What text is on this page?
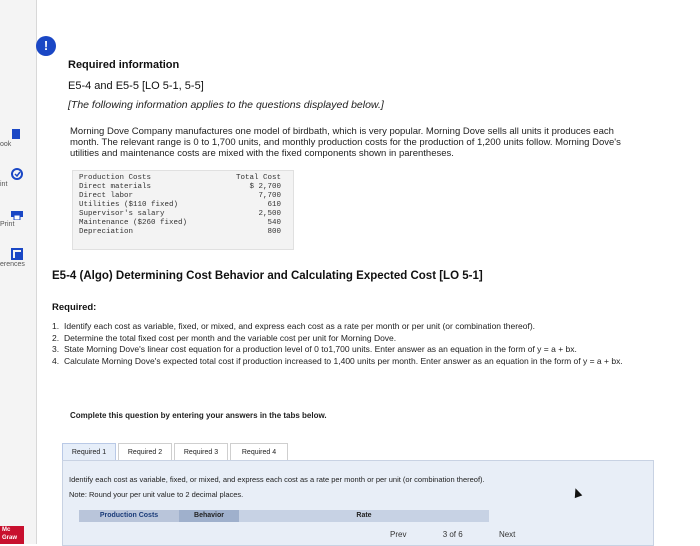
ook
int
Print
erences
Mc
Graw
!
Required information
E5-4 and E5-5 [LO 5-1, 5-5]
[The following information applies to the questions displayed below.]
Morning Dove Company manufactures one model of birdbath, which is very popular. Morning Dove sells all units it produces each month. The relevant range is 0 to 1,700 units, and monthly production costs for the production of 1,200 units follow. Morning Dove's utilities and maintenance costs are mixed with the fixed components shown in parentheses.
Production Costs	Total Cost
Direct materials	$ 2,700
Direct labor	7,700
Utilities ($110 fixed)	610
Supervisor's salary	2,500
Maintenance ($260 fixed)	540
Depreciation	800
E5-4 (Algo) Determining Cost Behavior and Calculating Expected Cost [LO 5-1]
Required:
1. Identify each cost as variable, fixed, or mixed, and express each cost as a rate per month or per unit (or combination thereof).
2. Determine the total fixed cost per month and the variable cost per unit for Morning Dove.
3. State Morning Dove's linear cost equation for a production level of 0 to1,700 units. Enter answer as an equation in the form of y = a + bx.
4. Calculate Morning Dove's expected total cost if production increased to 1,400 units per month. Enter answer as an equation in the form of y = a + bx.
Complete this question by entering your answers in the tabs below.
Required 1	Required 2	Required 3	Required 4
Identify each cost as variable, fixed, or mixed, and express each cost as a rate per month or per unit (or combination thereof).
Note: Round your per unit value to 2 decimal places.
Production Costs	Behavior	Rate
Prev	3 of 6	Next
